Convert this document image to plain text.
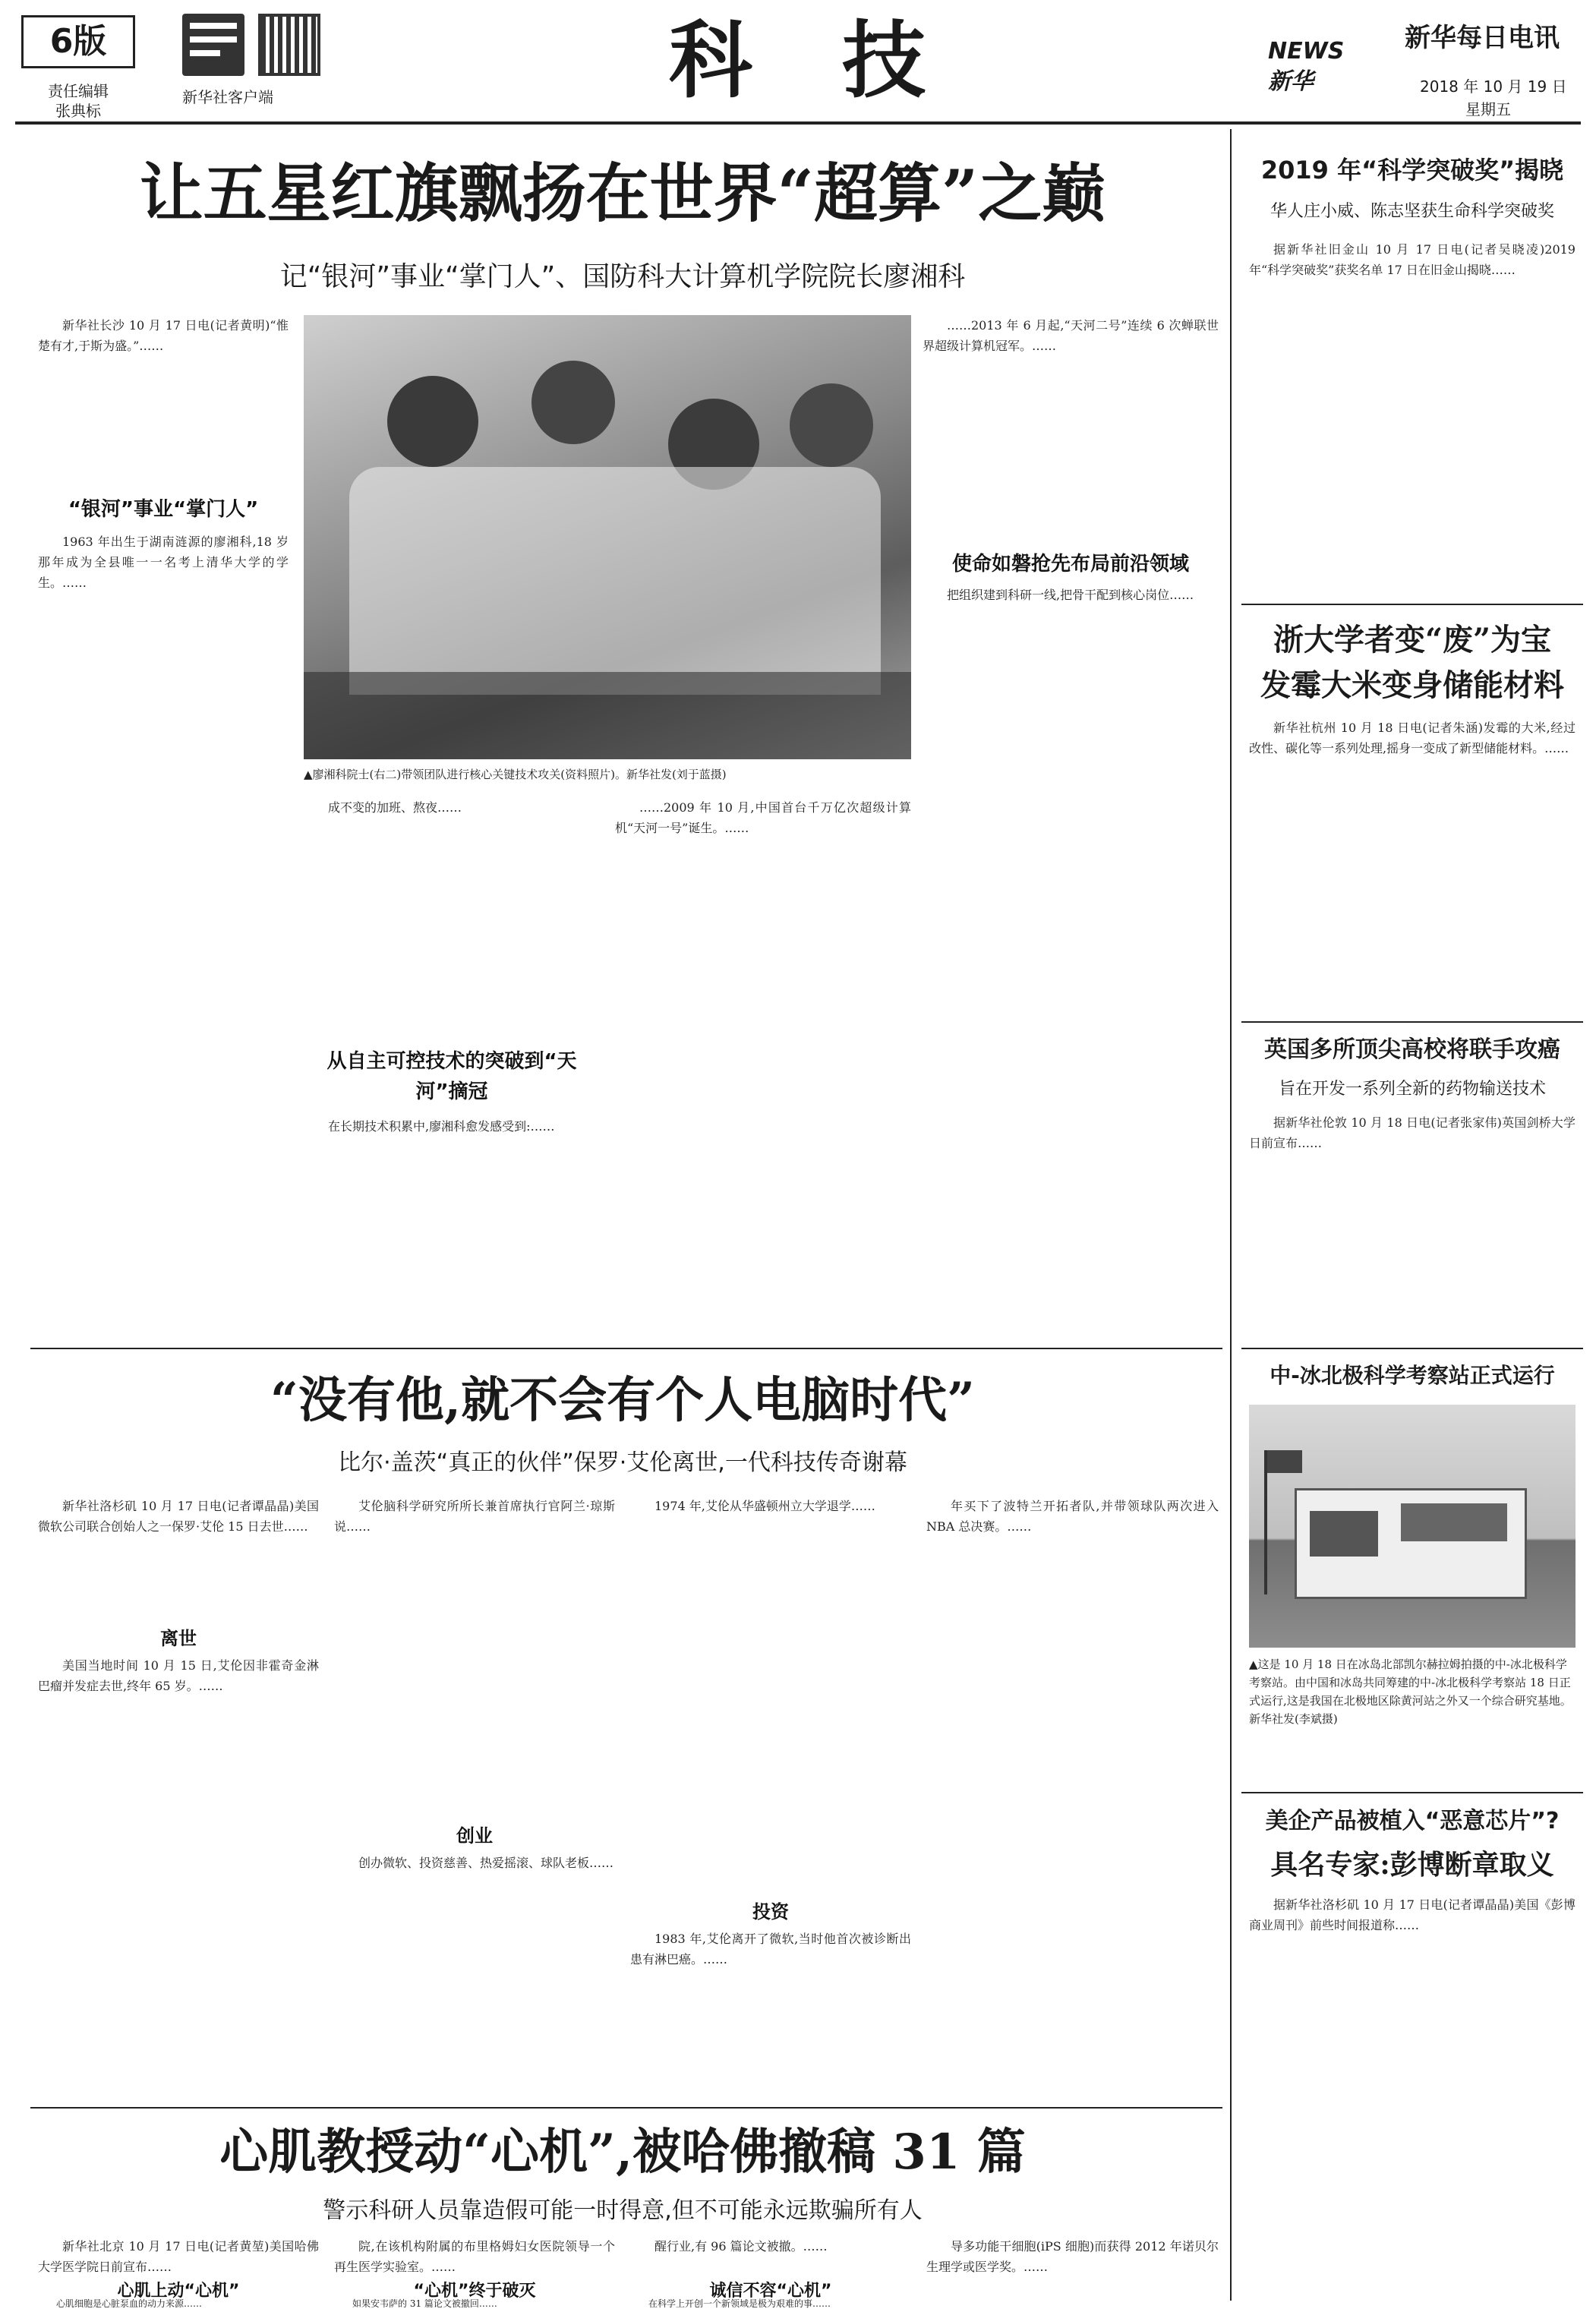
6版
责任编辑
张典标
新华社客户端	科 技	NEWS 新华
新华每日电讯
2018 年 10 月 19 日
星期五
让五星红旗飘扬在世界“超算”之巅
记“银河”事业“掌门人”、国防科大计算机学院院长廖湘科

新华社长沙 10 月 17 日电(记者黄明)“惟楚有才,于斯为盛。”……

“银河”事业“掌门人”

1963 年出生于湖南涟源的廖湘科,18 岁那年成为全县唯一一名考上清华大学的学生。……

▲廖湘科院士(右二)带领团队进行核心关键技术攻关(资料照片)。新华社发(刘于蓝摄)

成不变的加班、熬夜……

从自主可控技术的突破到“天河”摘冠

在长期技术积累中,廖湘科愈发感受到:……

……2009 年 10 月,中国首台千万亿次超级计算机“天河一号”诞生。……

……2013 年 6 月起,“天河二号”连续 6 次蝉联世界超级计算机冠军。……

使命如磐抢先布局前沿领域

把组织建到科研一线,把骨干配到核心岗位……

“没有他,就不会有个人电脑时代”
比尔·盖茨“真正的伙伴”保罗·艾伦离世,一代科技传奇谢幕

新华社洛杉矶 10 月 17 日电(记者谭晶晶)美国微软公司联合创始人之一保罗·艾伦 15 日去世……

离世

美国当地时间 10 月 15 日,艾伦因非霍奇金淋巴瘤并发症去世,终年 65 岁。……

艾伦脑科学研究所所长兼首席执行官阿兰·琼斯说……

创业

创办微软、投资慈善、热爱摇滚、球队老板……

1974 年,艾伦从华盛顿州立大学退学……

投资

1983 年,艾伦离开了微软,当时他首次被诊断出患有淋巴癌。……

年买下了波特兰开拓者队,并带领球队两次进入 NBA 总决赛。……

心肌教授动“心机”,被哈佛撤稿 31 篇
警示科研人员靠造假可能一时得意,但不可能永远欺骗所有人

新华社北京 10 月 17 日电(记者黄堃)美国哈佛大学医学院日前宣布……

心肌上动“心机”

心肌细胞是心脏泵血的动力来源……

院,在该机构附属的布里格姆妇女医院领导一个再生医学实验室。……

“心机”终于破灭

如果安韦萨的 31 篇论文被撤回……

醒行业,有 96 篇论文被撤。……

诚信不容“心机”

在科学上开创一个新领域是极为艰难的事……

导多功能干细胞(iPS 细胞)而获得 2012 年诺贝尔生理学或医学奖。……

2019 年“科学突破奖”揭晓
华人庄小威、陈志坚获生命科学突破奖

据新华社旧金山 10 月 17 日电(记者吴晓凌)2019 年“科学突破奖”获奖名单 17 日在旧金山揭晓……

浙大学者变“废”为宝
发霉大米变身储能材料

新华社杭州 10 月 18 日电(记者朱涵)发霉的大米,经过改性、碳化等一系列处理,摇身一变成了新型储能材料。……

英国多所顶尖高校将联手攻癌
旨在开发一系列全新的药物输送技术

据新华社伦敦 10 月 18 日电(记者张家伟)英国剑桥大学日前宣布……

中-冰北极科学考察站正式运行
▲这是 10 月 18 日在冰岛北部凯尔赫拉姆拍摄的中-冰北极科学考察站。由中国和冰岛共同筹建的中-冰北极科学考察站 18 日正式运行,这是我国在北极地区除黄河站之外又一个综合研究基地。 新华社发(李斌摄)
美企产品被植入“恶意芯片”?
具名专家:彭博断章取义

据新华社洛杉矶 10 月 17 日电(记者谭晶晶)美国《彭博商业周刊》前些时间报道称……
